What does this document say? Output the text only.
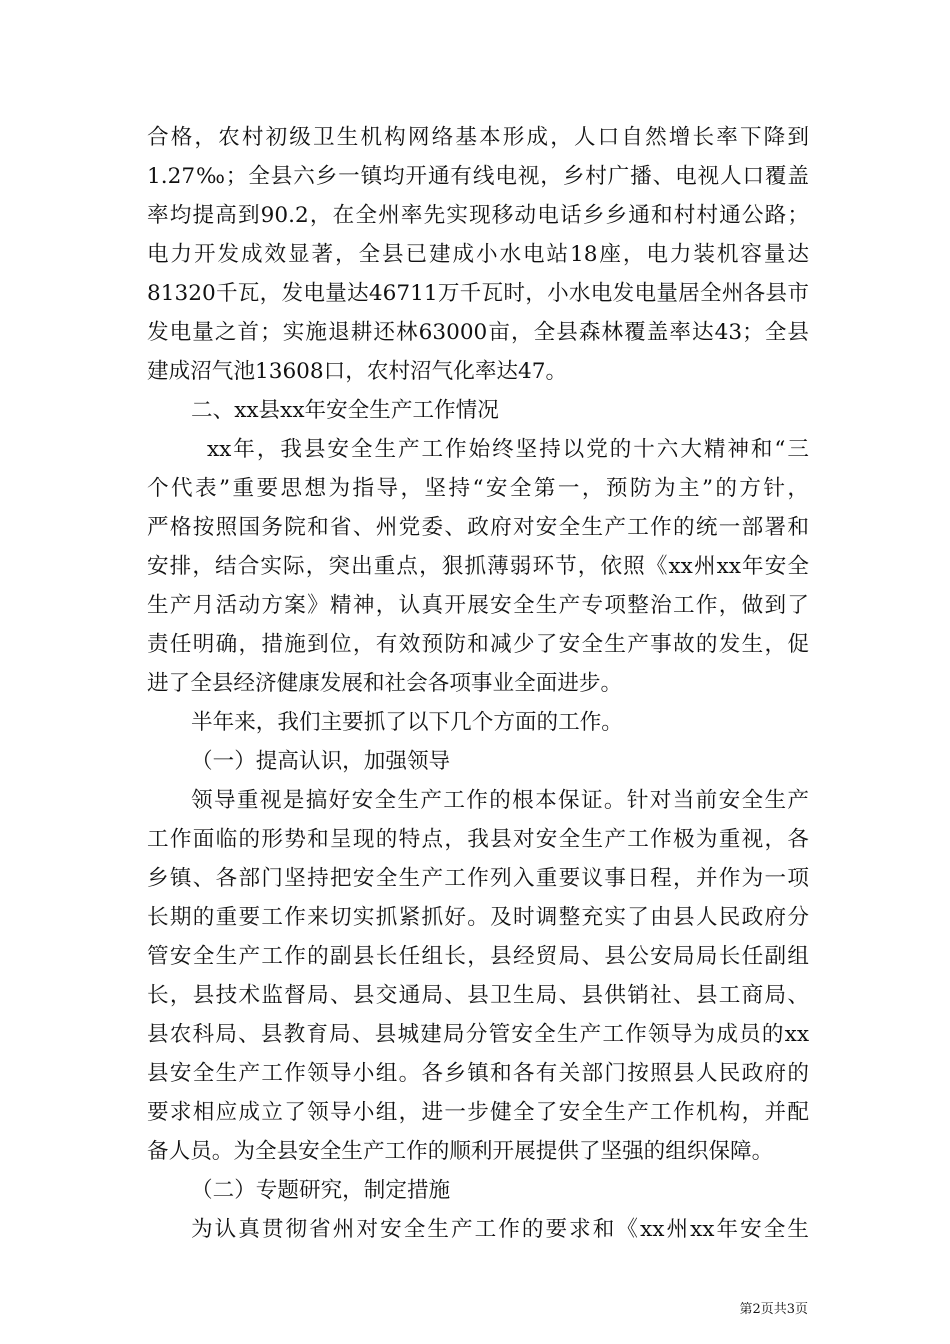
合格，农村初级卫生机构网络基本形成，人口自然增长率下降到
1.27‰；全县六乡一镇均开通有线电视，乡村广播、电视人口覆盖
率均提高到90.2，在全州率先实现移动电话乡乡通和村村通公路；
电力开发成效显著，全县已建成小水电站18座，电力装机容量达
81320千瓦，发电量达46711万千瓦时，小水电发电量居全州各县市
发电量之首；实施退耕还林63000亩，全县森林覆盖率达43；全县
建成沼气池13608口，农村沼气化率达47。
二、xx县xx年安全生产工作情况
xx年，我县安全生产工作始终坚持以党的十六大精神和“三
个代表”重要思想为指导，坚持“安全第一，预防为主”的方针，
严格按照国务院和省、州党委、政府对安全生产工作的统一部署和
安排，结合实际，突出重点，狠抓薄弱环节，依照《xx州xx年安全
生产月活动方案》精神，认真开展安全生产专项整治工作，做到了
责任明确，措施到位，有效预防和减少了安全生产事故的发生，促
进了全县经济健康发展和社会各项事业全面进步。
半年来，我们主要抓了以下几个方面的工作。
（一）提高认识，加强领导
领导重视是搞好安全生产工作的根本保证。针对当前安全生产
工作面临的形势和呈现的特点，我县对安全生产工作极为重视，各
乡镇、各部门坚持把安全生产工作列入重要议事日程，并作为一项
长期的重要工作来切实抓紧抓好。及时调整充实了由县人民政府分
管安全生产工作的副县长任组长，县经贸局、县公安局局长任副组
长，县技术监督局、县交通局、县卫生局、县供销社、县工商局、
县农科局、县教育局、县城建局分管安全生产工作领导为成员的xx
县安全生产工作领导小组。各乡镇和各有关部门按照县人民政府的
要求相应成立了领导小组，进一步健全了安全生产工作机构，并配
备人员。为全县安全生产工作的顺利开展提供了坚强的组织保障。
（二）专题研究，制定措施
为认真贯彻省州对安全生产工作的要求和《xx州xx年安全生
第2页共3页
